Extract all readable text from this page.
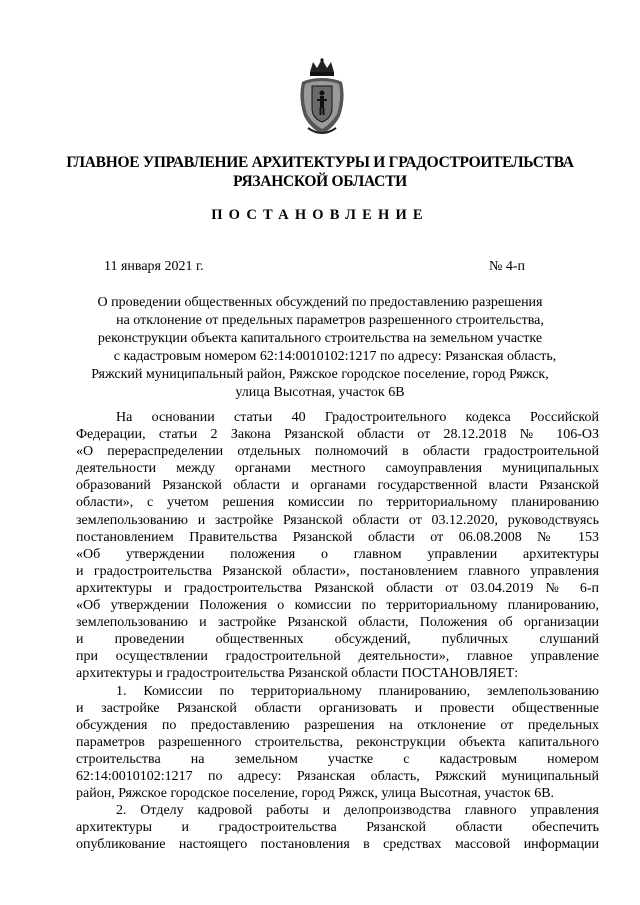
ГЛАВНОЕ УПРАВЛЕНИЕ АРХИТЕКТУРЫ И ГРАДОСТРОИТЕЛЬСТВА
РЯЗАНСКОЙ ОБЛАСТИ
ПОСТАНОВЛЕНИЕ
11 января 2021 г.	№ 4-п
О проведении общественных обсуждений по предоставлению разрешения
на отклонение от предельных параметров разрешенного строительства,
реконструкции объекта капитального строительства на земельном участке
с кадастровым номером 62:14:0010102:1217 по адресу: Рязанская область,
Ряжский муниципальный район, Ряжское городское поселение, город Ряжск,
улица Высотная, участок 6В
На основании статьи 40 Градостроительного кодекса Российской
Федерации, статьи 2 Закона Рязанской области от 28.12.2018 № 106-ОЗ
«О перераспределении отдельных полномочий в области градостроительной
деятельности между органами местного самоуправления муниципальных
образований Рязанской области и органами государственной власти Рязанской
области», с учетом решения комиссии по территориальному планированию
землепользованию и застройке Рязанской области от 03.12.2020, руководствуясь
постановлением Правительства Рязанской области от 06.08.2008 № 153
«Об утверждении положения о главном управлении архитектуры
и градостроительства Рязанской области», постановлением главного управления
архитектуры и градостроительства Рязанской области от 03.04.2019 № 6-п
«Об утверждении Положения о комиссии по территориальному планированию,
землепользованию и застройке Рязанской области, Положения об организации
и проведении общественных обсуждений, публичных слушаний
при осуществлении градостроительной деятельности», главное управление
архитектуры и градостроительства Рязанской области ПОСТАНОВЛЯЕТ:
1. Комиссии по территориальному планированию, землепользованию
и застройке Рязанской области организовать и провести общественные
обсуждения по предоставлению разрешения на отклонение от предельных
параметров разрешенного строительства, реконструкции объекта капитального
строительства на земельном участке с кадастровым номером
62:14:0010102:1217 по адресу: Рязанская область, Ряжский муниципальный
район, Ряжское городское поселение, город Ряжск, улица Высотная, участок 6В.
2. Отделу кадровой работы и делопроизводства главного управления
архитектуры и градостроительства Рязанской области обеспечить
опубликование настоящего постановления в средствах массовой информации
